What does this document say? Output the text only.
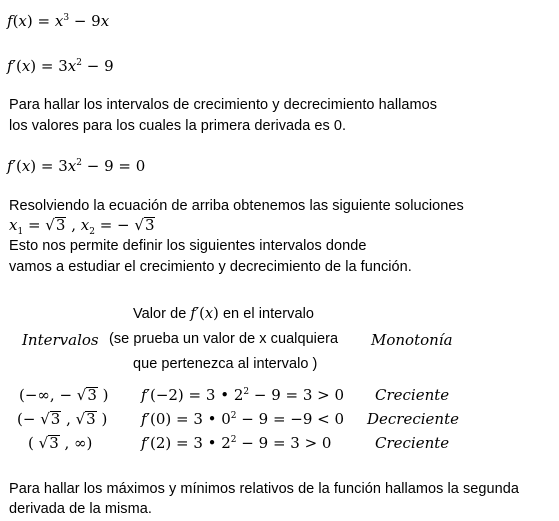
$f(x) = x^3 - 9x$
$f'(x) = 3x^2 - 9$
Para hallar los intervalos de crecimiento y decrecimiento hallamos
los valores para los cuales la primera derivada es 0.
$f'(x) = 3x^2 - 9 = 0$
Resolviendo la ecuación de arriba obtenemos las siguiente soluciones
$x_1 = √3$ , $x_2$ = − √3
Esto nos permite definir los siguientes intervalos donde
vamos a estudiar el crecimiento y decrecimiento de la función.
Valor de f′(x) en el intervalo
Intervalos (se prueba un valor de x cualquiera Monotonía
que pertenezca al intervalo )
(−∞, − √3 ) f′(−2) = 3 • $2^2 - 9 = 3 > 0$ Creciente
(− √3 , √3 ) f′(0) = 3 • $0^2 - 9 = -9 < 0$ Decreciente
( √3 , ∞)	f′(2) = 3 • $2^2 - 9 = 3 > 0$	Creciente
Para hallar los máximos y mínimos relativos de la función hallamos la segunda
derivada de la misma.
